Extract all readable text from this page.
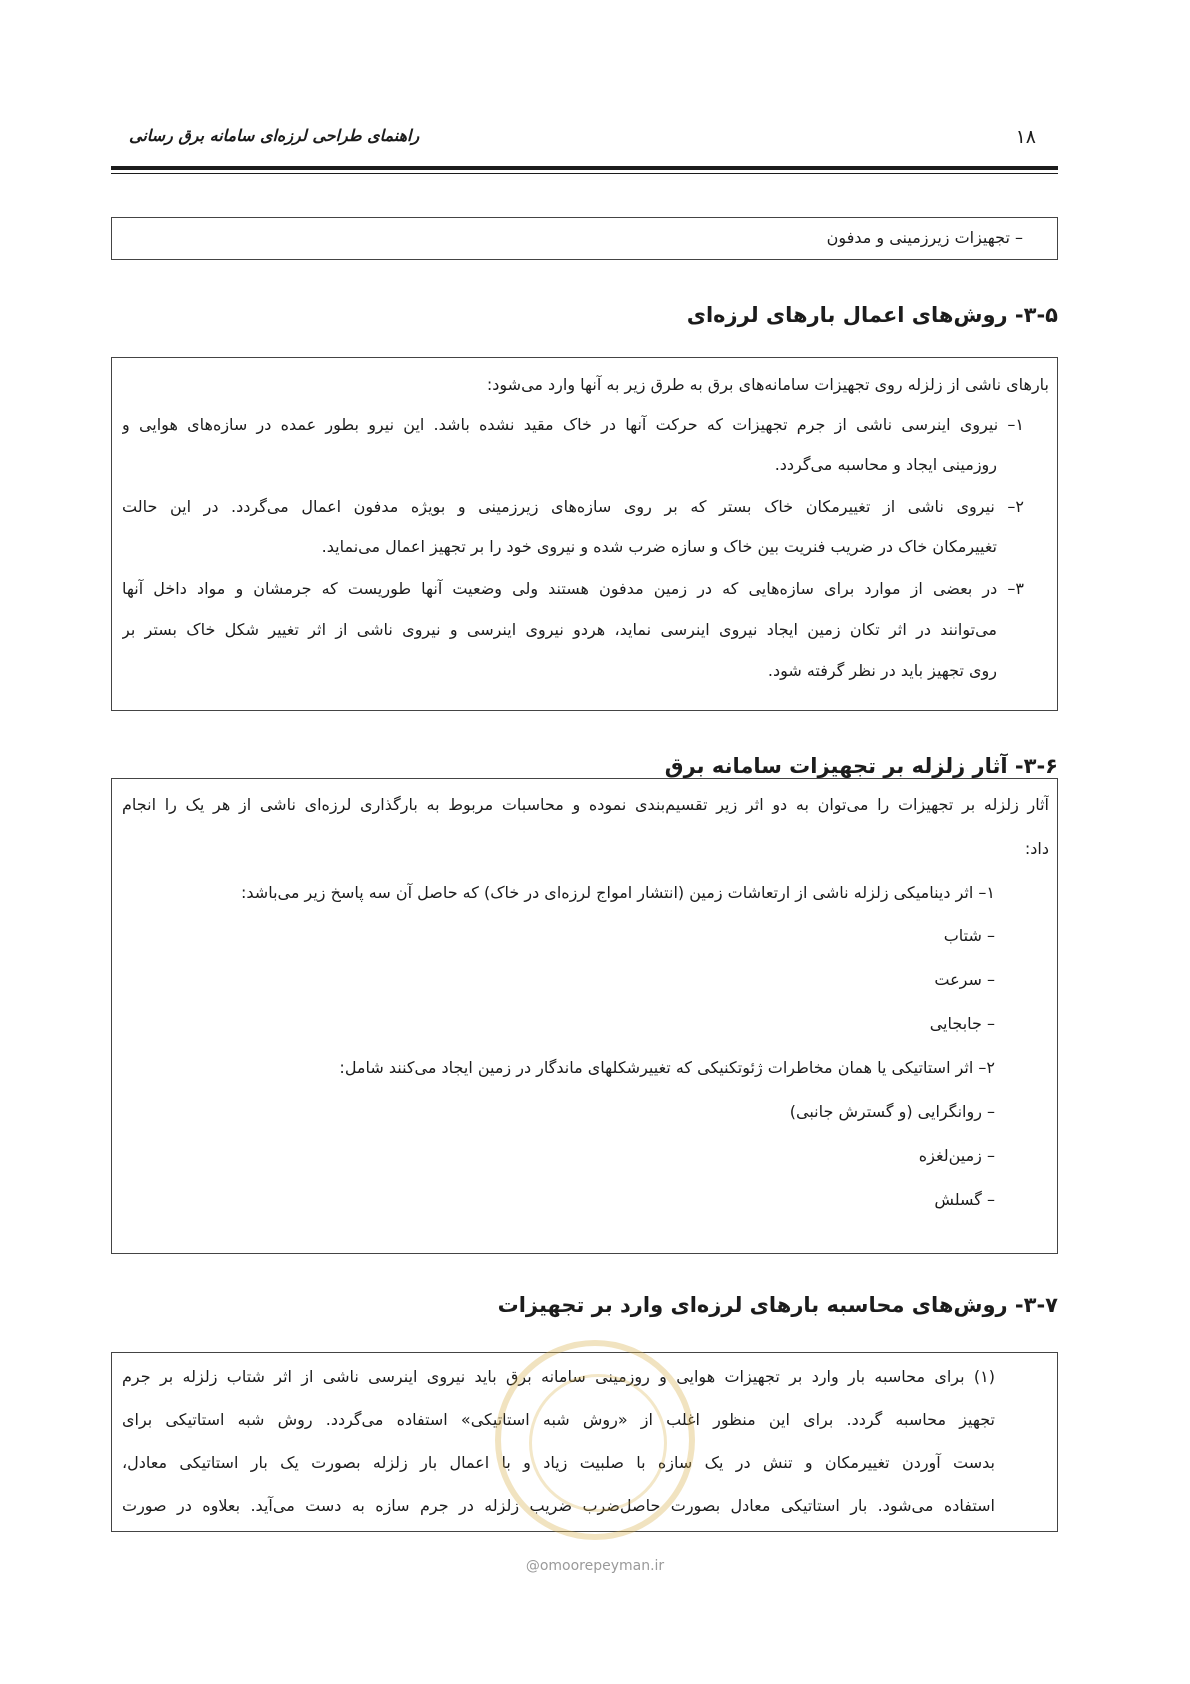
۱۸
راهنمای طراحی لرزه‌ای سامانه برق رسانی
– تجهیزات زیرزمینی و مدفون
۳-۵- روش‌های اعمال بارهای لرزه‌ای
بارهای ناشی از زلزله روی تجهیزات سامانه‌های برق به طرق زیر به آنها وارد می‌شود:
۱– نیروی اینرسی ناشی از جرم تجهیزات که حرکت آنها در خاک مقید نشده باشد. این نیرو بطور عمده در سازه‌های هوایی و
روزمینی ایجاد و محاسبه می‌گردد.
۲– نیروی ناشی از تغییرمکان خاک بستر که بر روی سازه‌های زیرزمینی و بویژه مدفون اعمال می‌گردد. در این حالت
تغییرمکان خاک در ضریب فنریت بین خاک و سازه ضرب شده و نیروی خود را بر تجهیز اعمال می‌نماید.
۳– در بعضی از موارد برای سازه‌هایی که در زمین مدفون هستند ولی وضعیت آنها طوریست که جرمشان و مواد داخل آنها
می‌توانند در اثر تکان زمین ایجاد نیروی اینرسی نماید، هردو نیروی اینرسی و نیروی ناشی از اثر تغییر شکل خاک بستر بر
روی تجهیز باید در نظر گرفته شود.
۳-۶- آثار زلزله بر تجهیزات سامانه برق
آثار زلزله بر تجهیزات را می‌توان به دو اثر زیر تقسیم‌بندی نموده و محاسبات مربوط به بارگذاری لرزه‌ای ناشی از هر یک را انجام
داد:
۱– اثر دینامیکی زلزله ناشی از ارتعاشات زمین (انتشار امواج لرزه‌ای در خاک) که حاصل آن سه پاسخ زیر می‌باشد:
– شتاب
– سرعت
– جابجایی
۲– اثر استاتیکی یا همان مخاطرات ژئوتکنیکی که تغییرشکلهای ماندگار در زمین ایجاد می‌کنند شامل:
– روانگرایی (و گسترش جانبی)
– زمین‌لغزه
– گسلش
۳-۷- روش‌های محاسبه بارهای لرزه‌ای وارد بر تجهیزات
(۱) برای محاسبه بار وارد بر تجهیزات هوایی و روزمینی سامانه برق باید نیروی اینرسی ناشی از اثر شتاب زلزله بر جرم
تجهیز محاسبه گردد. برای این منظور اغلب از «روش شبه استاتیکی» استفاده می‌گردد. روش شبه استاتیکی برای
بدست آوردن تغییرمکان و تنش در یک سازه با صلبیت زیاد و با اعمال بار زلزله بصورت یک بار استاتیکی معادل،
استفاده می‌شود. بار استاتیکی معادل بصورت حاصل‌ضرب ضریب زلزله در جرم سازه به دست می‌آید. بعلاوه در صورت
@omoorepeyman.ir
